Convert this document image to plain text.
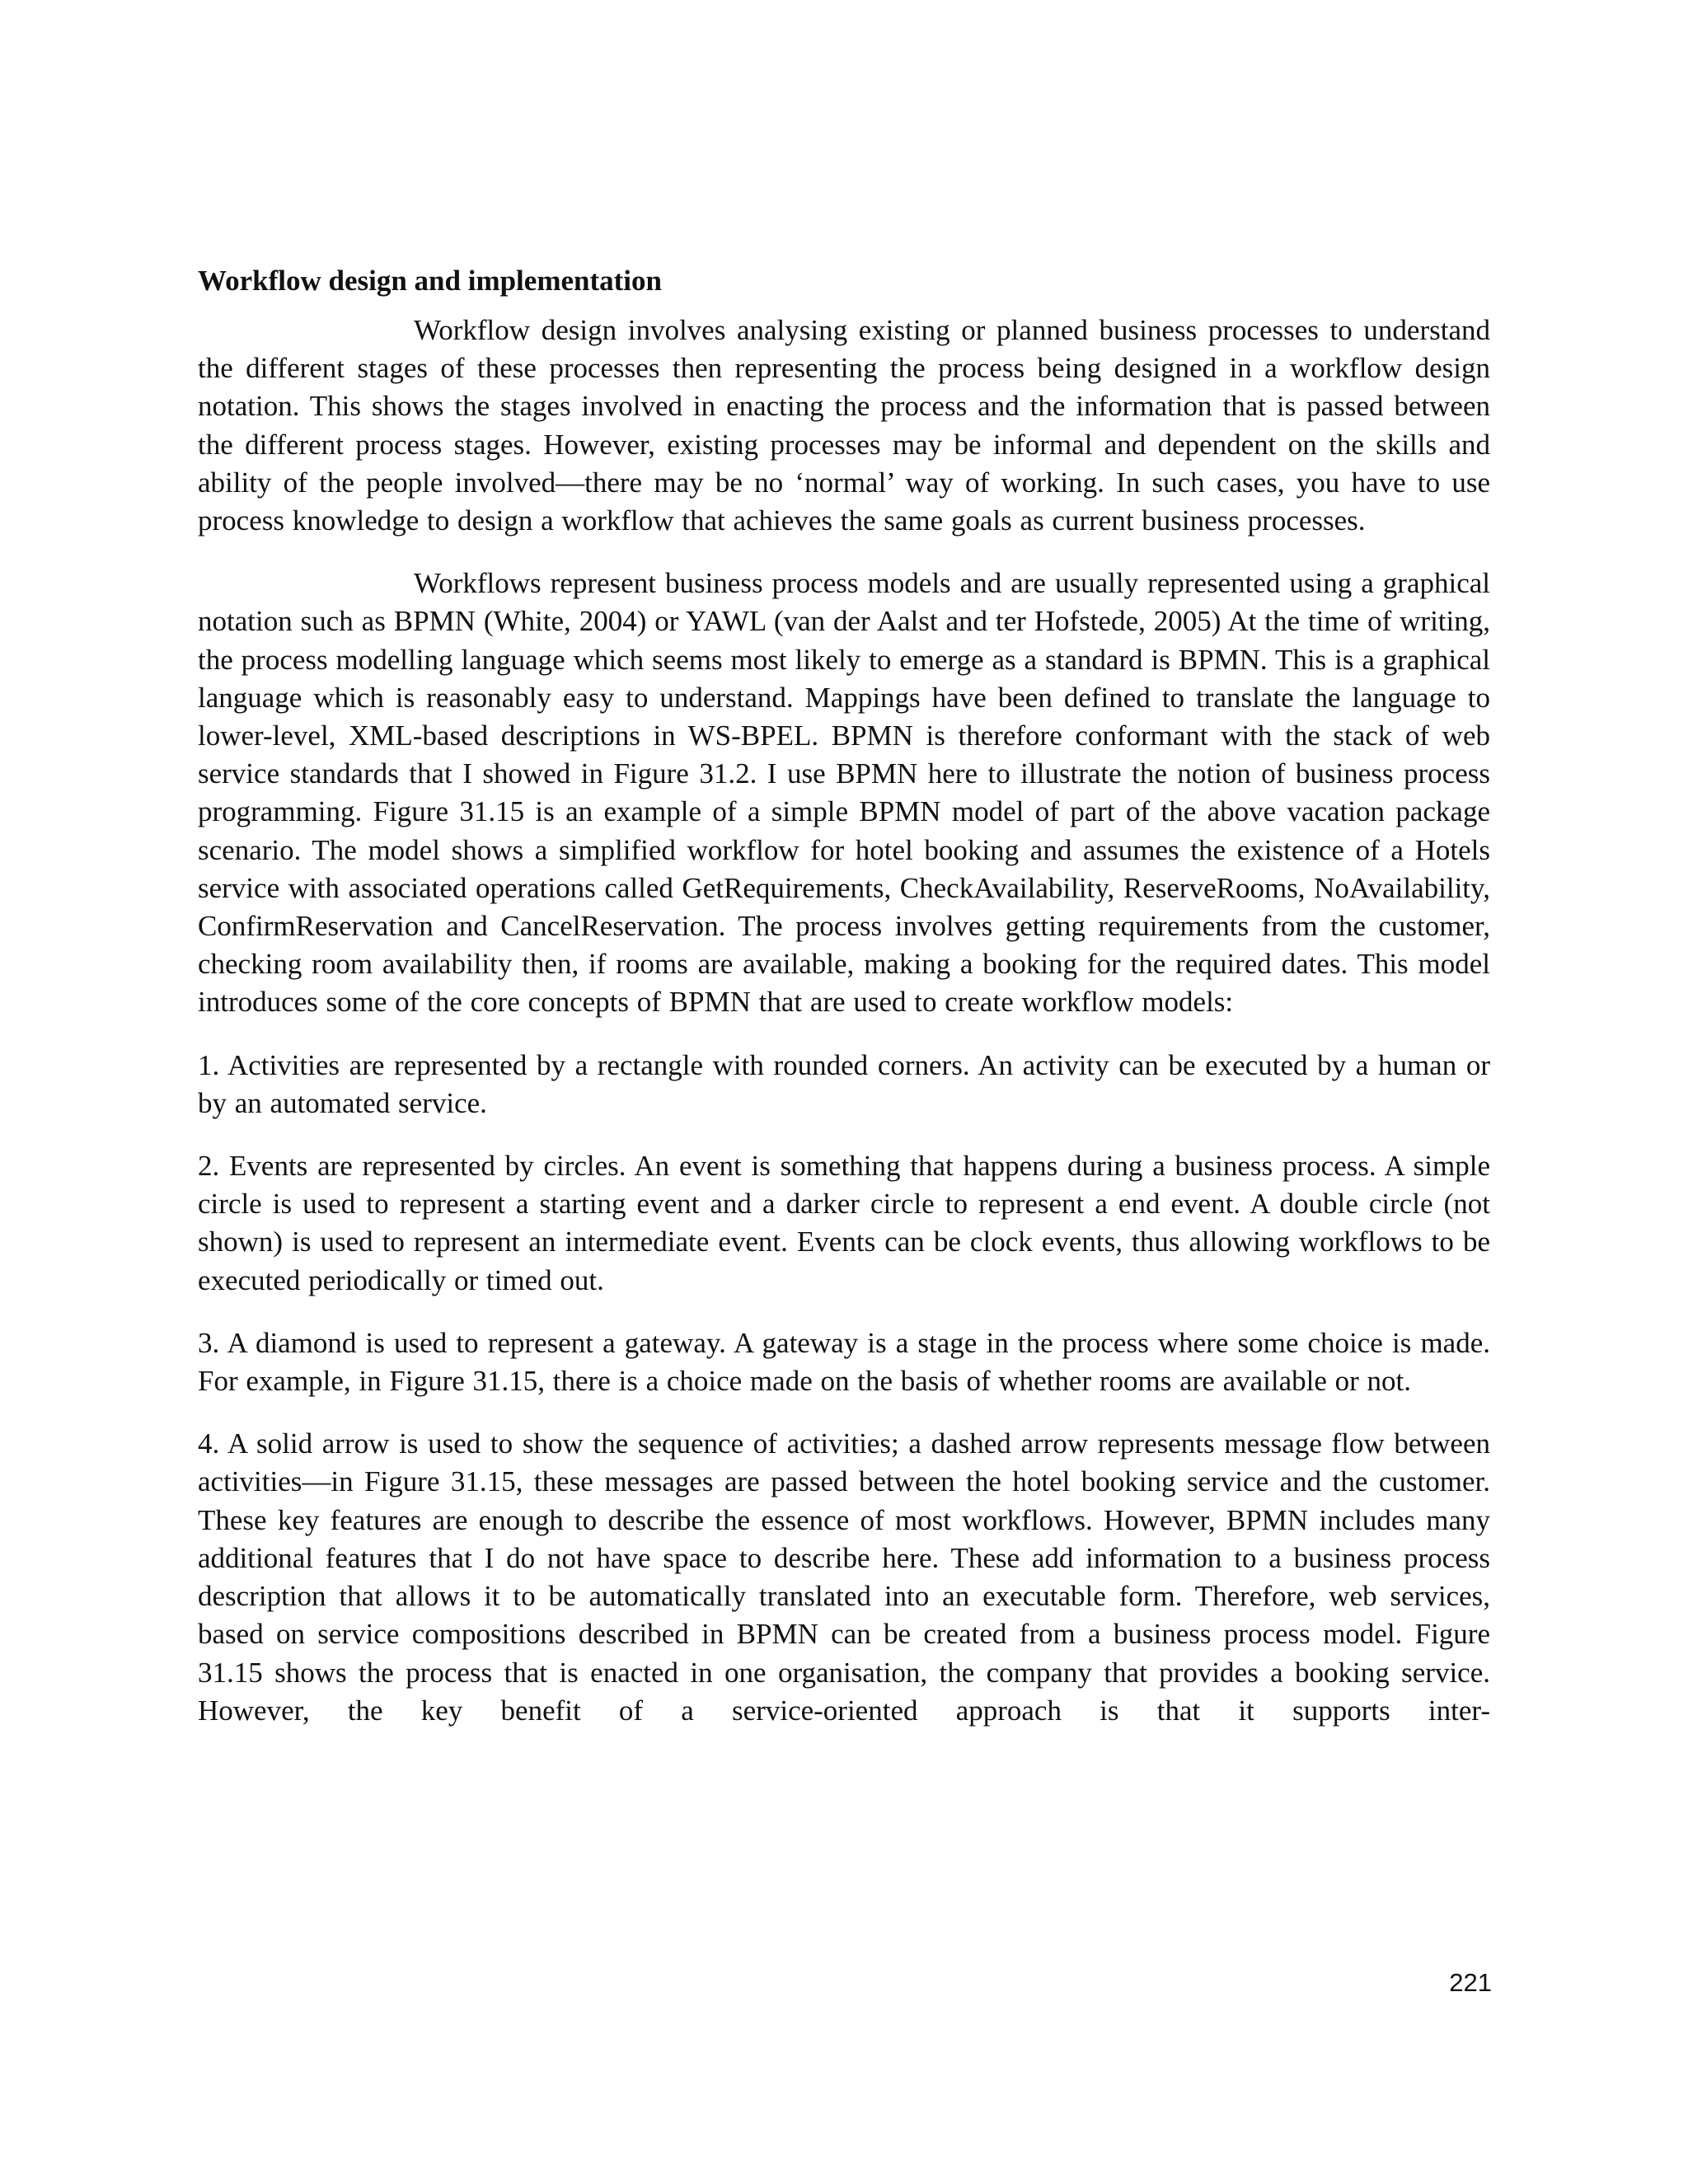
Workflow design and implementation

Workflow design involves analysing existing or planned business processes to understand the different stages of these processes then representing the process being designed in a workflow design notation. This shows the stages involved in enacting the process and the information that is passed between the different process stages. However, existing processes may be informal and dependent on the skills and ability of the people involved—there may be no ‘normal’ way of working. In such cases, you have to use process knowledge to design a workflow that achieves the same goals as current business processes.

Workflows represent business process models and are usually represented using a graphical notation such as BPMN (White, 2004) or YAWL (van der Aalst and ter Hofstede, 2005) At the time of writing, the process modelling language which seems most likely to emerge as a standard is BPMN. This is a graphical language which is reasonably easy to understand. Mappings have been defined to translate the language to lower-level, XML-based descriptions in WS-BPEL. BPMN is therefore conformant with the stack of web service standards that I showed in Figure 31.2. I use BPMN here to illustrate the notion of business process programming. Figure 31.15 is an example of a simple BPMN model of part of the above vacation package scenario. The model shows a simplified workflow for hotel booking and assumes the existence of a Hotels service with associated operations called GetRequirements, CheckAvailability, ReserveRooms, NoAvailability, ConfirmReservation and CancelReservation. The process involves getting requirements from the customer, checking room availability then, if rooms are available, making a booking for the required dates. This model introduces some of the core concepts of BPMN that are used to create workflow models:

1. Activities are represented by a rectangle with rounded corners. An activity can be executed by a human or by an automated service.

2. Events are represented by circles. An event is something that happens during a business process. A simple circle is used to represent a starting event and a darker circle to represent a end event. A double circle (not shown) is used to represent an intermediate event. Events can be clock events, thus allowing workflows to be executed periodically or timed out.

3. A diamond is used to represent a gateway. A gateway is a stage in the process where some choice is made. For example, in Figure 31.15, there is a choice made on the basis of whether rooms are available or not.

4. A solid arrow is used to show the sequence of activities; a dashed arrow represents message flow between activities—in Figure 31.15, these messages are passed between the hotel booking service and the customer. These key features are enough to describe the essence of most workflows. However, BPMN includes many additional features that I do not have space to describe here. These add information to a business process description that allows it to be automatically translated into an executable form. Therefore, web services, based on service compositions described in BPMN can be created from a business process model. Figure 31.15 shows the process that is enacted in one organisation, the company that provides a booking service. However, the key benefit of a service-oriented approach is that it supports inter-

221
